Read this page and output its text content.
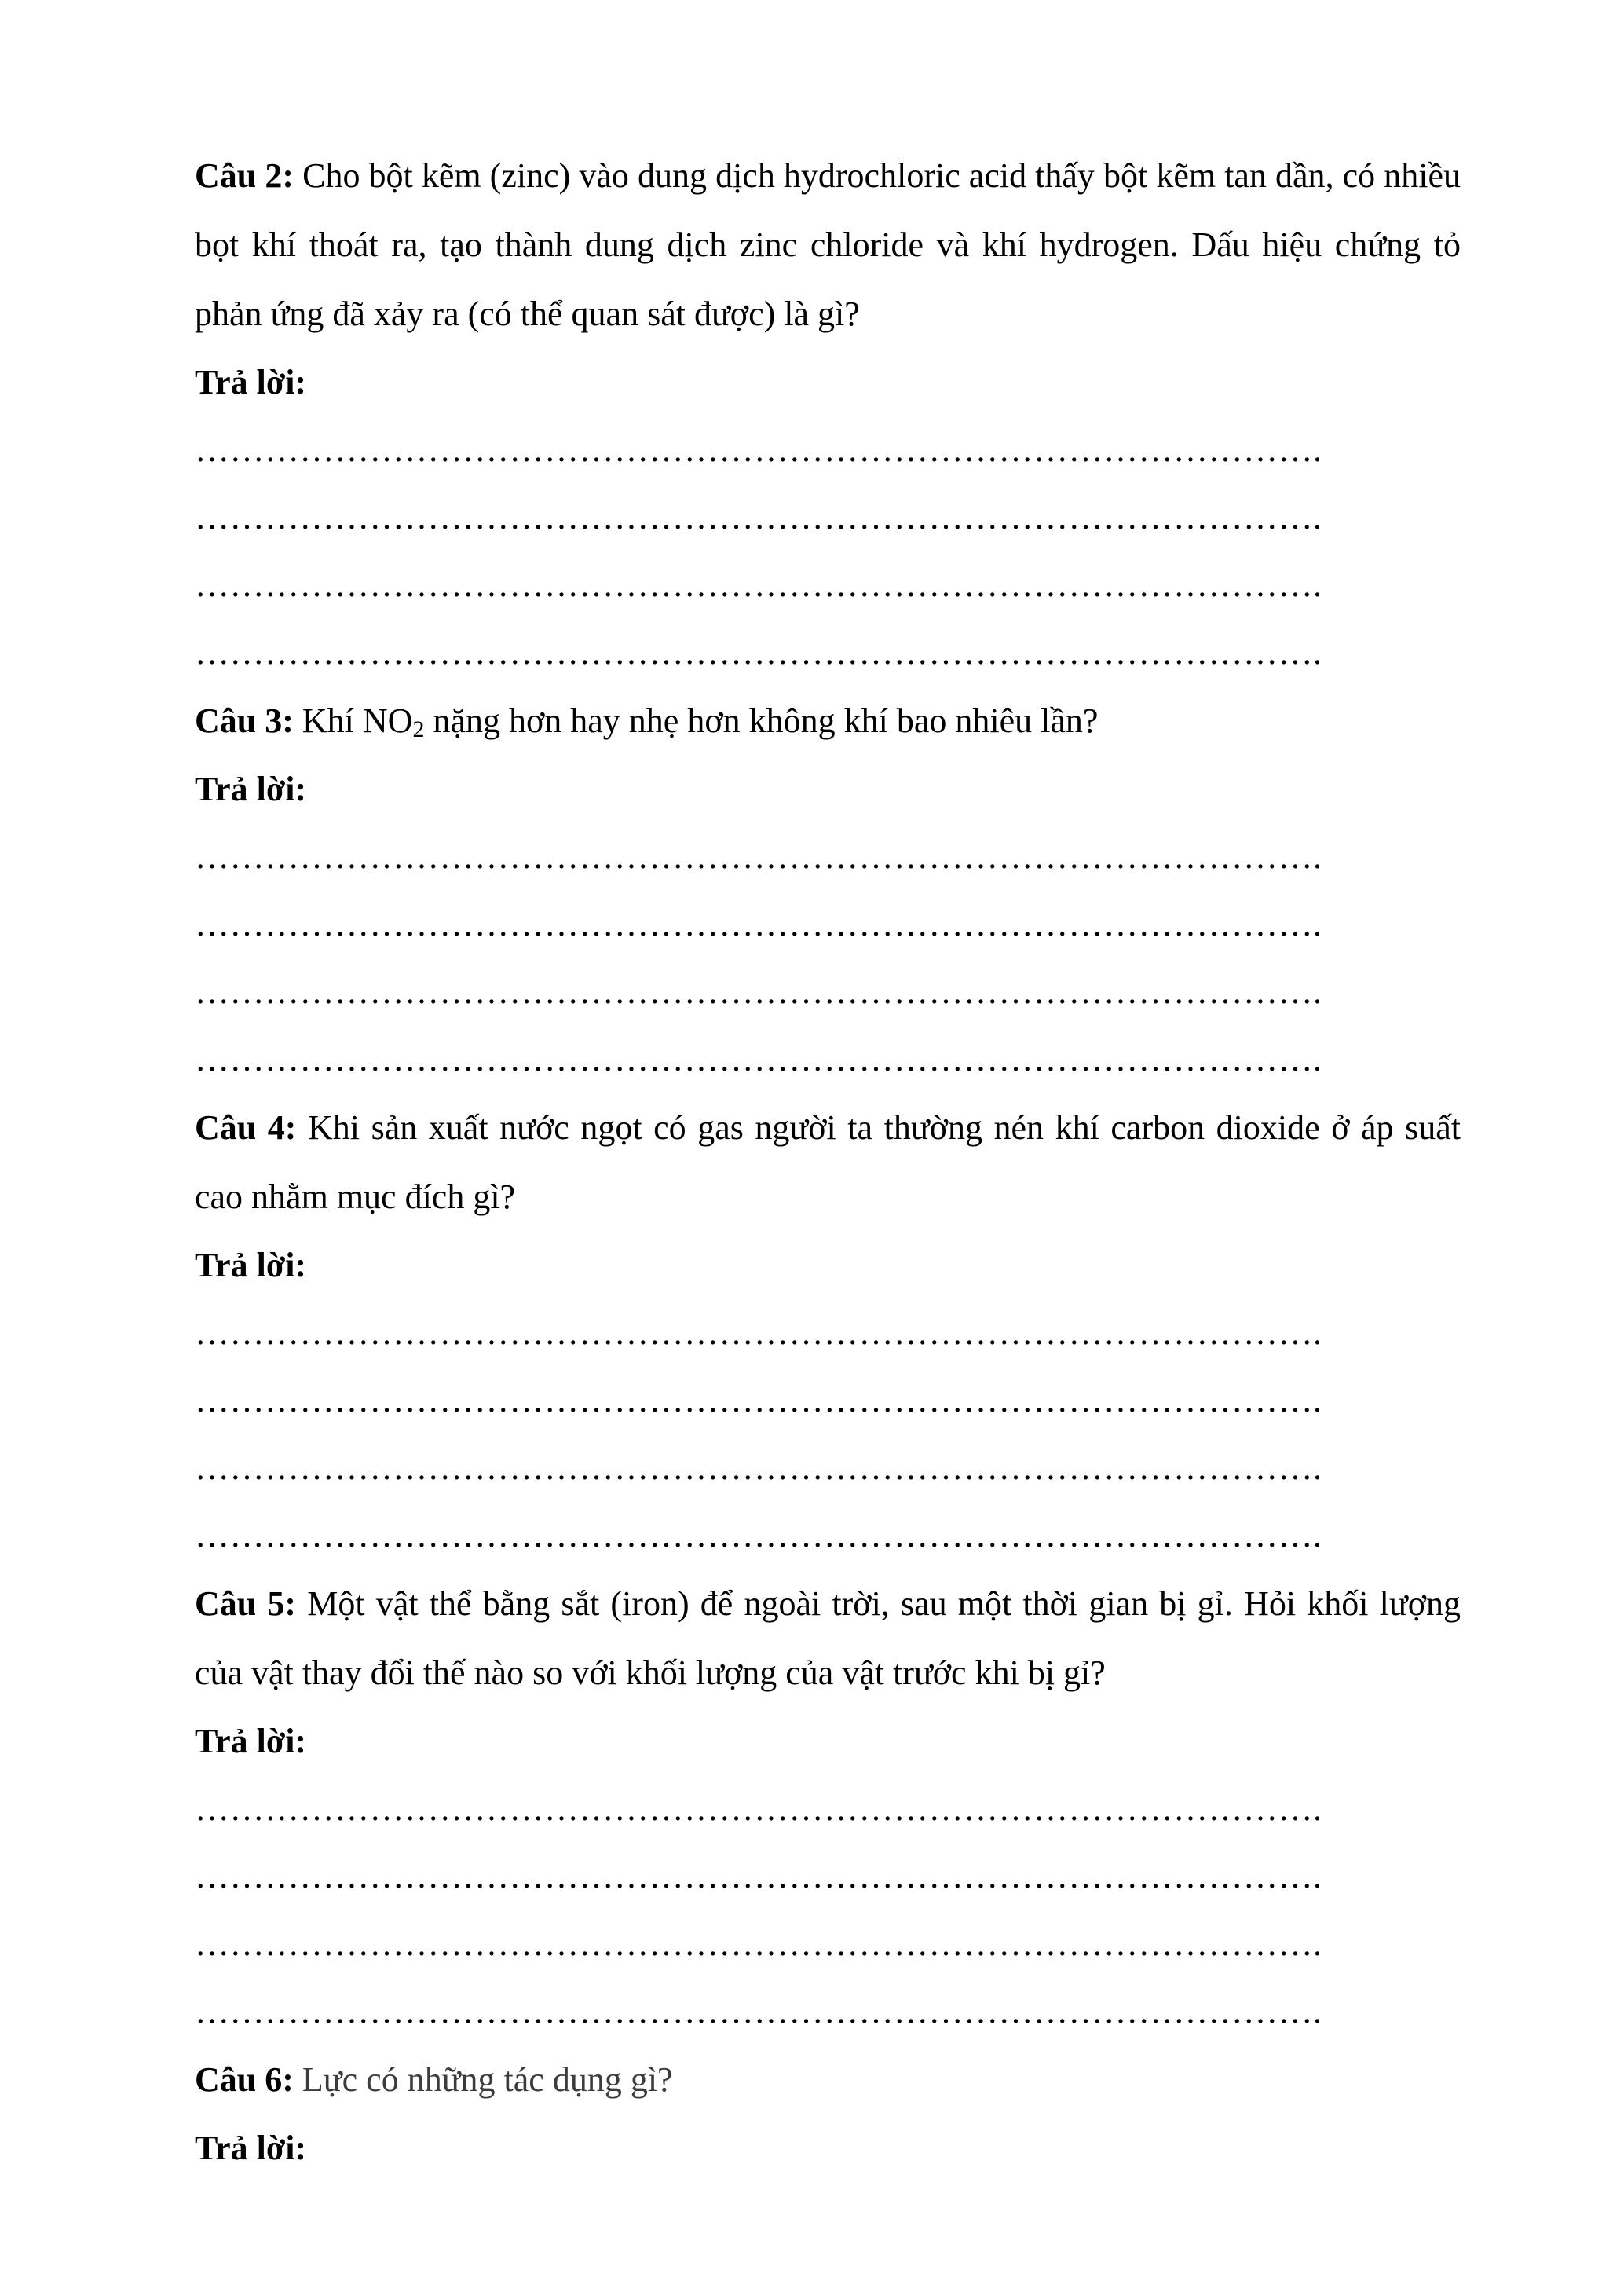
Câu 2: Cho bột kẽm (zinc) vào dung dịch hydrochloric acid thấy bột kẽm tan dần, có nhiều bọt khí thoát ra, tạo thành dung dịch zinc chloride và khí hydrogen. Dấu hiệu chứng tỏ phản ứng đã xảy ra (có thể quan sát được) là gì?

Trả lời:

…………………………………………………………………………………….

…………………………………………………………………………………….

…………………………………………………………………………………….

…………………………………………………………………………………….

Câu 3: Khí $NO_2$ nặng hơn hay nhẹ hơn không khí bao nhiêu lần?

Trả lời:

…………………………………………………………………………………….

…………………………………………………………………………………….

…………………………………………………………………………………….

…………………………………………………………………………………….

Câu 4: Khi sản xuất nước ngọt có gas người ta thường nén khí carbon dioxide ở áp suất cao nhằm mục đích gì?

Trả lời:

…………………………………………………………………………………….

…………………………………………………………………………………….

…………………………………………………………………………………….

…………………………………………………………………………………….

Câu 5: Một vật thể bằng sắt (iron) để ngoài trời, sau một thời gian bị gỉ. Hỏi khối lượng của vật thay đổi thế nào so với khối lượng của vật trước khi bị gỉ?

Trả lời:

…………………………………………………………………………………….

…………………………………………………………………………………….

…………………………………………………………………………………….

…………………………………………………………………………………….

Câu 6: Lực có những tác dụng gì?

Trả lời:
